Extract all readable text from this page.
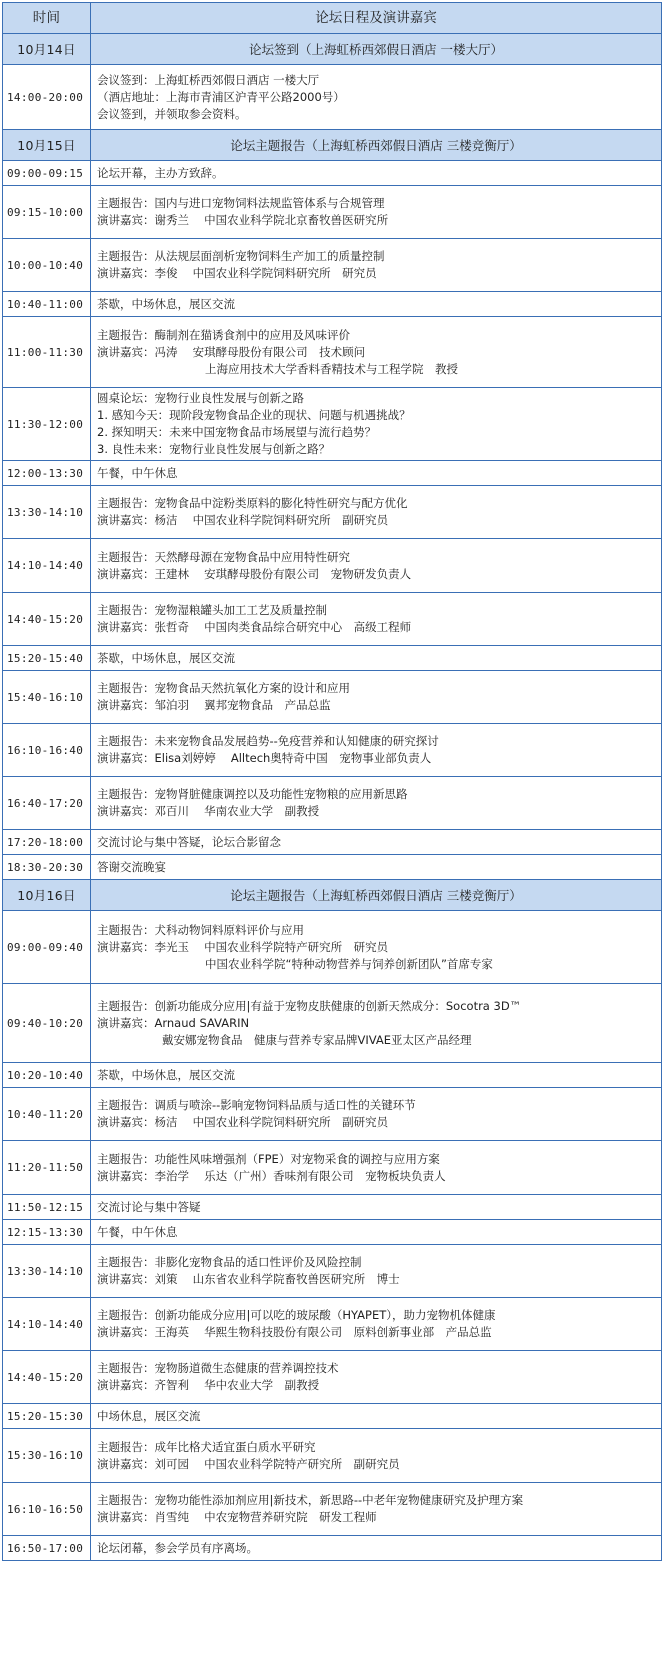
时间	论坛日程及演讲嘉宾
10月14日	论坛签到（上海虹桥西郊假日酒店 一楼大厅）
14:00-20:00	会议签到：上海虹桥西郊假日酒店 一楼大厅
（酒店地址：上海市青浦区沪青平公路2000号）
会议签到，并领取参会资料。

10月15日	论坛主题报告（上海虹桥西郊假日酒店 三楼竞衡厅）
09:00-09:15	论坛开幕，主办方致辞。

09:15-10:00	主题报告：国内与进口宠物饲料法规监管体系与合规管理
演讲嘉宾：谢秀兰　 中国农业科学院北京畜牧兽医研究所

10:00-10:40	主题报告：从法规层面剖析宠物饲料生产加工的质量控制
演讲嘉宾：李俊　 中国农业科学院饲料研究所　研究员

10:40-11:00	茶歇，中场休息，展区交流

11:00-11:30	主题报告：酶制剂在猫诱食剂中的应用及风味评价
演讲嘉宾：冯涛　 安琪酵母股份有限公司　技术顾问
上海应用技术大学香料香精技术与工程学院　教授

11:30-12:00	圆桌论坛：宠物行业良性发展与创新之路
1. 感知今天：现阶段宠物食品企业的现状、问题与机遇挑战？
2. 探知明天：未来中国宠物食品市场展望与流行趋势？
3. 良性未来：宠物行业良性发展与创新之路？

12:00-13:30	午餐，中午休息

13:30-14:10	主题报告：宠物食品中淀粉类原料的膨化特性研究与配方优化
演讲嘉宾：杨洁　 中国农业科学院饲料研究所　副研究员

14:10-14:40	主题报告：天然酵母源在宠物食品中应用特性研究
演讲嘉宾：王建林　 安琪酵母股份有限公司　宠物研发负责人

14:40-15:20	主题报告：宠物湿粮罐头加工工艺及质量控制
演讲嘉宾：张哲奇　 中国肉类食品综合研究中心　高级工程师

15:20-15:40	茶歇，中场休息，展区交流

15:40-16:10	主题报告：宠物食品天然抗氧化方案的设计和应用
演讲嘉宾：邹泊羽　 翼邦宠物食品　产品总监

16:10-16:40	主题报告：未来宠物食品发展趋势--免疫营养和认知健康的研究探讨
演讲嘉宾：Elisa刘婷婷　 Alltech奥特奇中国　宠物事业部负责人

16:40-17:20	主题报告：宠物肾脏健康调控以及功能性宠物粮的应用新思路
演讲嘉宾：邓百川　 华南农业大学　副教授

17:20-18:00	交流讨论与集中答疑，论坛合影留念

18:30-20:30	答谢交流晚宴

10月16日	论坛主题报告（上海虹桥西郊假日酒店 三楼竞衡厅）
09:00-09:40	主题报告：犬科动物饲料原料评价与应用
演讲嘉宾：李光玉　 中国农业科学院特产研究所　研究员
中国农业科学院“特种动物营养与饲养创新团队”首席专家

09:40-10:20	主题报告：创新功能成分应用|有益于宠物皮肤健康的创新天然成分：Socotra 3D™
演讲嘉宾：Arnaud SAVARIN
戴安娜宠物食品　健康与营养专家品牌VIVAE亚太区产品经理

10:20-10:40	茶歇，中场休息，展区交流

10:40-11:20	主题报告：调质与喷涂--影响宠物饲料品质与适口性的关键环节
演讲嘉宾：杨洁　 中国农业科学院饲料研究所　副研究员

11:20-11:50	主题报告：功能性风味增强剂（FPE）对宠物采食的调控与应用方案
演讲嘉宾：李治学　 乐达（广州）香味剂有限公司　宠物板块负责人

11:50-12:15	交流讨论与集中答疑

12:15-13:30	午餐，中午休息

13:30-14:10	主题报告：非膨化宠物食品的适口性评价及风险控制
演讲嘉宾：刘策　 山东省农业科学院畜牧兽医研究所　博士

14:10-14:40	主题报告：创新功能成分应用|可以吃的玻尿酸（HYAPET），助力宠物机体健康
演讲嘉宾：王海英　 华熙生物科技股份有限公司　原料创新事业部　产品总监

14:40-15:20	主题报告：宠物肠道微生态健康的营养调控技术
演讲嘉宾：齐智利　 华中农业大学　副教授

15:20-15:30	中场休息，展区交流

15:30-16:10	主题报告：成年比格犬适宜蛋白质水平研究
演讲嘉宾：刘可园　 中国农业科学院特产研究所　副研究员

16:10-16:50	主题报告：宠物功能性添加剂应用|新技术，新思路--中老年宠物健康研究及护理方案
演讲嘉宾：肖雪纯　 中农宠物营养研究院　研发工程师

16:50-17:00	论坛闭幕，参会学员有序离场。
